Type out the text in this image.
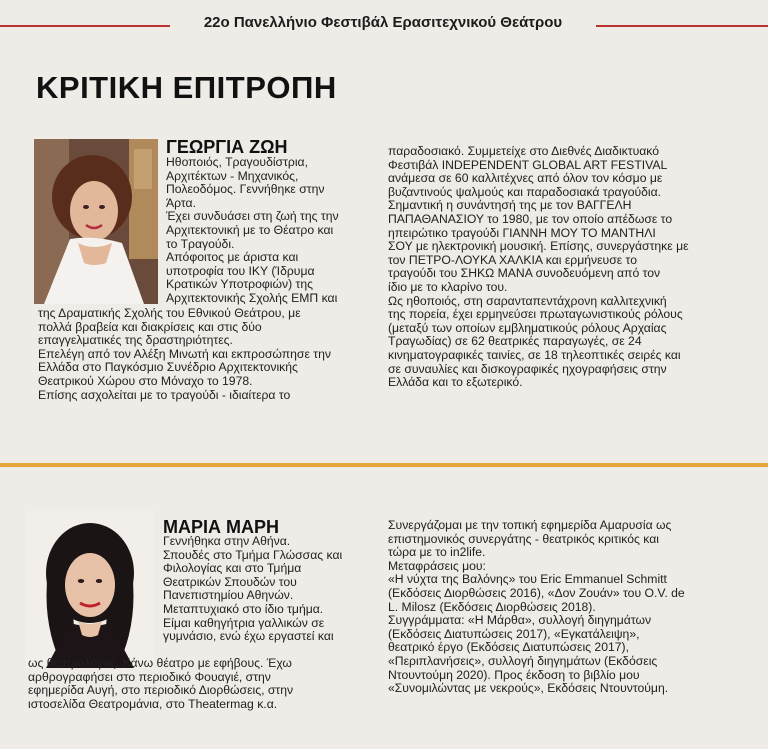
22ο Πανελλήνιο Φεστιβάλ Ερασιτεχνικού Θεάτρου
ΚΡΙΤΙΚΗ ΕΠΙΤΡΟΠΗ
ΓΕΩΡΓΙΑ ΖΩΗ

Ηθοποιός, Τραγουδίστρια,

Αρχιτέκτων - Μηχανικός,

Πολεοδόμος. Γεννήθηκε στην

Άρτα.

Έχει συνδυάσει στη ζωή της την

Αρχιτεκτονική με το Θέατρο και

το Τραγούδι.

Απόφοιτος με άριστα και

υποτροφία του ΙΚΥ (Ίδρυμα

Κρατικών Υποτροφιών) της

Αρχιτεκτονικής Σχολής ΕΜΠ και

της Δραματικής Σχολής του Εθνικού Θεάτρου, με

πολλά βραβεία και διακρίσεις και στις δύο

επαγγελματικές της δραστηριότητες.

Επελέγη από τον Αλέξη Μινωτή και εκπροσώπησε την

Ελλάδα στο Παγκόσμιο Συνέδριο Αρχιτεκτονικής

Θεατρικού Χώρου στο Μόναχο το 1978.

Επίσης ασχολείται με το τραγούδι - ιδιαίτερα το

παραδοσιακό. Συμμετείχε στο Διεθνές Διαδικτυακό

Φεστιβάλ INDEPENDENT GLOBAL ART FESTIVAL

ανάμεσα σε 60 καλλιτέχνες από όλον τον κόσμο με

βυζαντινούς ψαλμούς και παραδοσιακά τραγούδια.

Σημαντική η συνάντησή της με τον ΒΑΓΓΕΛΗ

ΠΑΠΑΘΑΝΑΣΙΟΥ το 1980, με τον οποίο απέδωσε το

ηπειρώτικο τραγούδι ΓΙΑΝΝΗ ΜΟΥ ΤΟ ΜΑΝΤΗΛΙ

ΣΟΥ με ηλεκτρονική μουσική. Επίσης, συνεργάστηκε με

τον ΠΕΤΡΟ-ΛΟΥΚΑ ΧΑΛΚΙΑ και ερμήνευσε το

τραγούδι του ΣΗΚΩ ΜΑΝΑ συνοδευόμενη από τον

ίδιο με το κλαρίνο του.

Ως ηθοποιός, στη σαρανταπεντάχρονη καλλιτεχνική

της πορεία, έχει ερμηνεύσει πρωταγωνιστικούς ρόλους

(μεταξύ των οποίων εμβληματικούς ρόλους Αρχαίας

Τραγωδίας) σε 62 θεατρικές παραγωγές, σε 24

κινηματογραφικές ταινίες, σε 18 τηλεοπτικές σειρές και

σε συναυλίες και δισκογραφικές ηχογραφήσεις στην

Ελλάδα και το εξωτερικό.

ΜΑΡΙΑ ΜΑΡΗ

Γεννήθηκα στην Αθήνα.

Σπουδές στο Τμήμα Γλώσσας και

Φιλολογίας και στο Τμήμα

Θεατρικών Σπουδών του

Πανεπιστημίου Αθηνών.

Μεταπτυχιακό στο ίδιο τμήμα.

Είμαι καθηγήτρια γαλλικών σε

γυμνάσιο, ενώ έχω εργαστεί και

ως θεατρολόγος. Κάνω θέατρο με εφήβους. Έχω

αρθρογραφήσει στο περιοδικό Φουαγιέ, στην

εφημερίδα Αυγή, στο περιοδικό Διορθώσεις, στην

ιστοσελίδα Θεατρομάνια, στο Theatermag κ.α.

Συνεργάζομαι με την τοπική εφημερίδα Αμαρυσία ως

επιστημονικός συνεργάτης - θεατρικός κριτικός και

τώρα με το in2life.

Μεταφράσεις μου:

«Η νύχτα της Βαλόνης» του Eric Emmanuel Schmitt

(Εκδόσεις Διορθώσεις 2016), «Δον Ζουάν» του O.V. de

L. Milosz (Εκδόσεις Διορθώσεις 2018).

Συγγράμματα: «Η Μάρθα», συλλογή διηγημάτων

(Εκδόσεις Διατυπώσεις 2017), «Εγκατάλειψη»,

θεατρικό έργο (Εκδόσεις Διατυπώσεις 2017),

«Περιπλανήσεις», συλλογή διηγημάτων (Εκδόσεις

Ντουντούμη 2020). Προς έκδοση το βιβλίο μου

«Συνομιλώντας με νεκρούς», Εκδόσεις Ντουντούμη.
